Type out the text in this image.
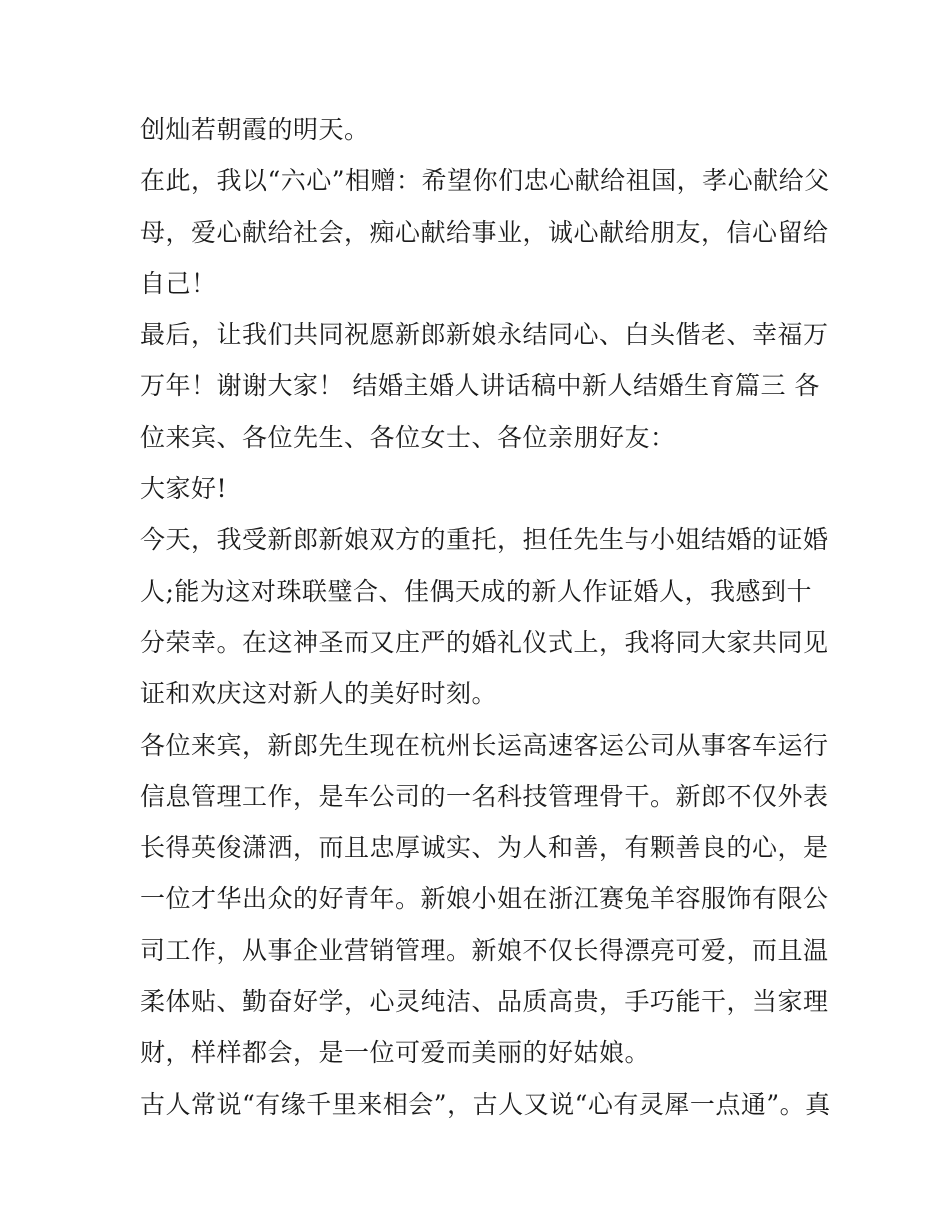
创灿若朝霞的明天。
在此，我以“六心”相赠：希望你们忠心献给祖国，孝心献给父
母，爱心献给社会，痴心献给事业，诚心献给朋友，信心留给
自己！
最后，让我们共同祝愿新郎新娘永结同心、白头偕老、幸福万
万年！谢谢大家！ 结婚主婚人讲话稿中新人结婚生育篇三 各
位来宾、各位先生、各位女士、各位亲朋好友：
大家好!
今天，我受新郎新娘双方的重托，担任先生与小姐结婚的证婚
人;能为这对珠联璧合、佳偶天成的新人作证婚人，我感到十
分荣幸。在这神圣而又庄严的婚礼仪式上，我将同大家共同见
证和欢庆这对新人的美好时刻。
各位来宾，新郎先生现在杭州长运高速客运公司从事客车运行
信息管理工作，是车公司的一名科技管理骨干。新郎不仅外表
长得英俊潇洒，而且忠厚诚实、为人和善，有颗善良的心，是
一位才华出众的好青年。新娘小姐在浙江赛兔羊容服饰有限公
司工作，从事企业营销管理。新娘不仅长得漂亮可爱，而且温
柔体贴、勤奋好学，心灵纯洁、品质高贵，手巧能干，当家理
财，样样都会，是一位可爱而美丽的好姑娘。
古人常说“有缘千里来相会”，古人又说“心有灵犀一点通”。真
